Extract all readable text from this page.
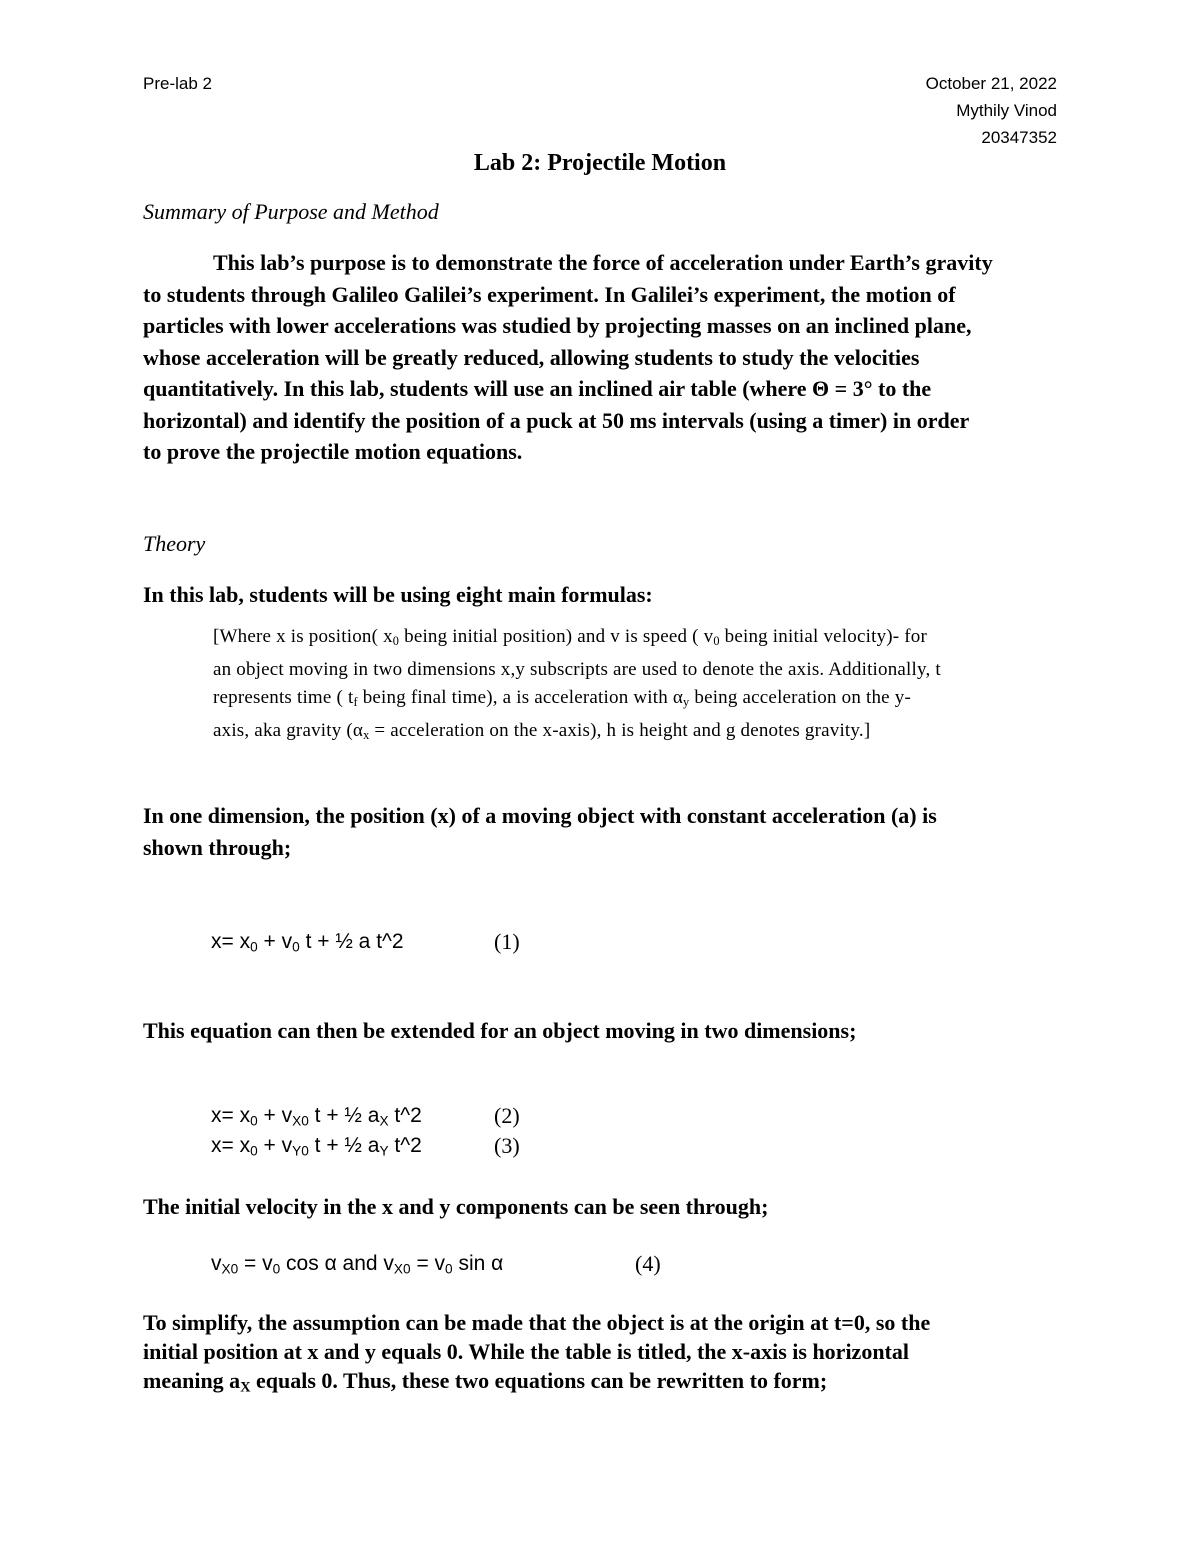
Pre-lab 2	October 21, 2022
Mythily Vinod
20347352
Lab 2: Projectile Motion
Summary of Purpose and Method
This lab’s purpose is to demonstrate the force of acceleration under Earth’s gravity
to students through Galileo Galilei’s experiment. In Galilei’s experiment, the motion of
particles with lower accelerations was studied by projecting masses on an inclined plane,
whose acceleration will be greatly reduced, allowing students to study the velocities
quantitatively. In this lab, students will use an inclined air table (where Θ = 3° to the
horizontal) and identify the position of a puck at 50 ms intervals (using a timer) in order
to prove the projectile motion equations.
Theory
In this lab, students will be using eight main formulas:
[Where x is position( $x_0$ being initial position) and v is speed ( $v_0$ being initial velocity)- for
an object moving in two dimensions x,y subscripts are used to denote the axis. Additionally, t
represents time ( $t_f$ being final time), a is acceleration with $\alpha_y$ being acceleration on the y-
axis, aka gravity ($\alpha_x$ = acceleration on the x-axis), h is height and g denotes gravity.]
In one dimension, the position (x) of a moving object with constant acceleration (a) is
shown through;
$x= x_0 + v_0$ t + ½ a t^2	(1)
This equation can then be extended for an object moving in two dimensions;
$x= x_0 + v_{X0}$ t + ½ $a_X$ t^2	(2)
$x= x_0 + v_{Y0}$ t + ½ $a_Y$ t^2	(3)
The initial velocity in the x and y components can be seen through;
$v_{X0} = v_0$ cos α and $v_{X0} = v_0$ sin α	(4)
To simplify, the assumption can be made that the object is at the origin at t=0, so the
initial position at x and y equals 0. While the table is titled, the x-axis is horizontal
meaning $a_X$ equals 0. Thus, these two equations can be rewritten to form;
